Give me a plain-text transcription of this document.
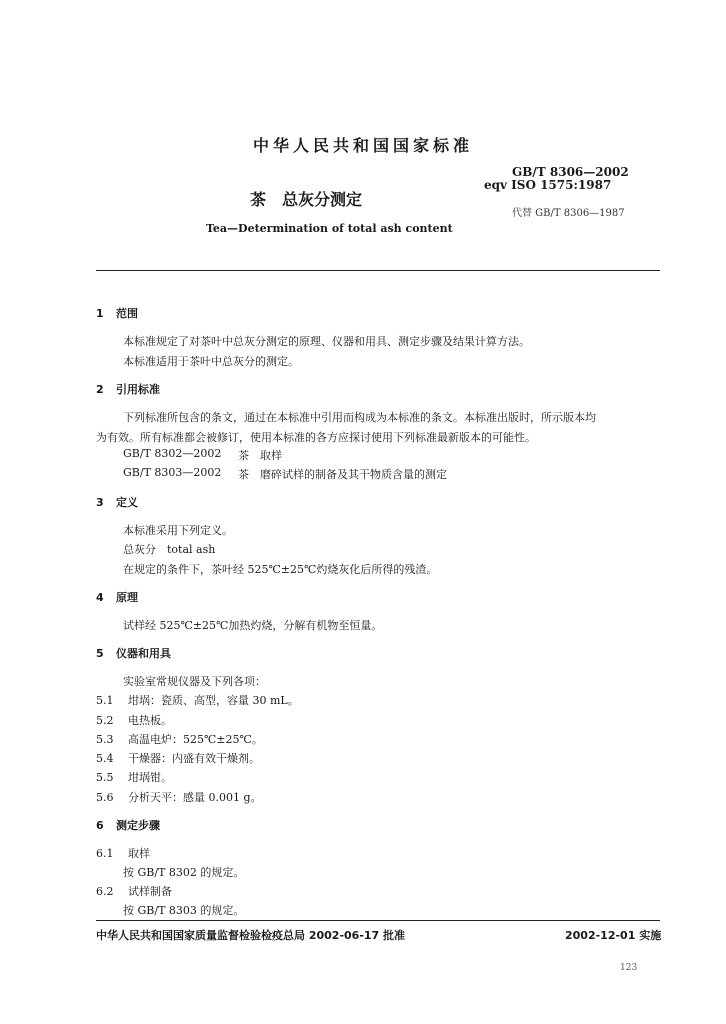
中华人民共和国国家标准
GB/T 8306—2002
eqv ISO 1575:1987
茶　总灰分测定
代替 GB/T 8306—1987
Tea—Determination of total ash content
1 范围
本标准规定了对茶叶中总灰分测定的原理、仪器和用具、测定步骤及结果计算方法。
本标准适用于茶叶中总灰分的测定。
2 引用标准
下列标准所包含的条文，通过在本标准中引用而构成为本标准的条文。本标准出版时，所示版本均
为有效。所有标准都会被修订，使用本标准的各方应探讨使用下列标准最新版本的可能性。
GB/T 8302—2002 茶　取样
GB/T 8303—2002 茶　磨碎试样的制备及其干物质含量的测定
3 定义
本标准采用下列定义。
总灰分　total ash
在规定的条件下，茶叶经 525℃±25℃灼烧灰化后所得的残渣。
4 原理
试样经 525℃±25℃加热灼烧，分解有机物至恒量。
5 仪器和用具
实验室常规仪器及下列各项：
5.1 坩埚：瓷质、高型，容量 30 mL。
5.2 电热板。
5.3 高温电炉：525℃±25℃。
5.4 干燥器：内盛有效干燥剂。
5.5 坩埚钳。
5.6 分析天平：感量 0.001 g。
6 测定步骤
6.1 取样
按 GB/T 8302 的规定。
6.2 试样制备
按 GB/T 8303 的规定。
中华人民共和国国家质量监督检验检疫总局 2002-06-17 批准	2002-12-01 实施
123
